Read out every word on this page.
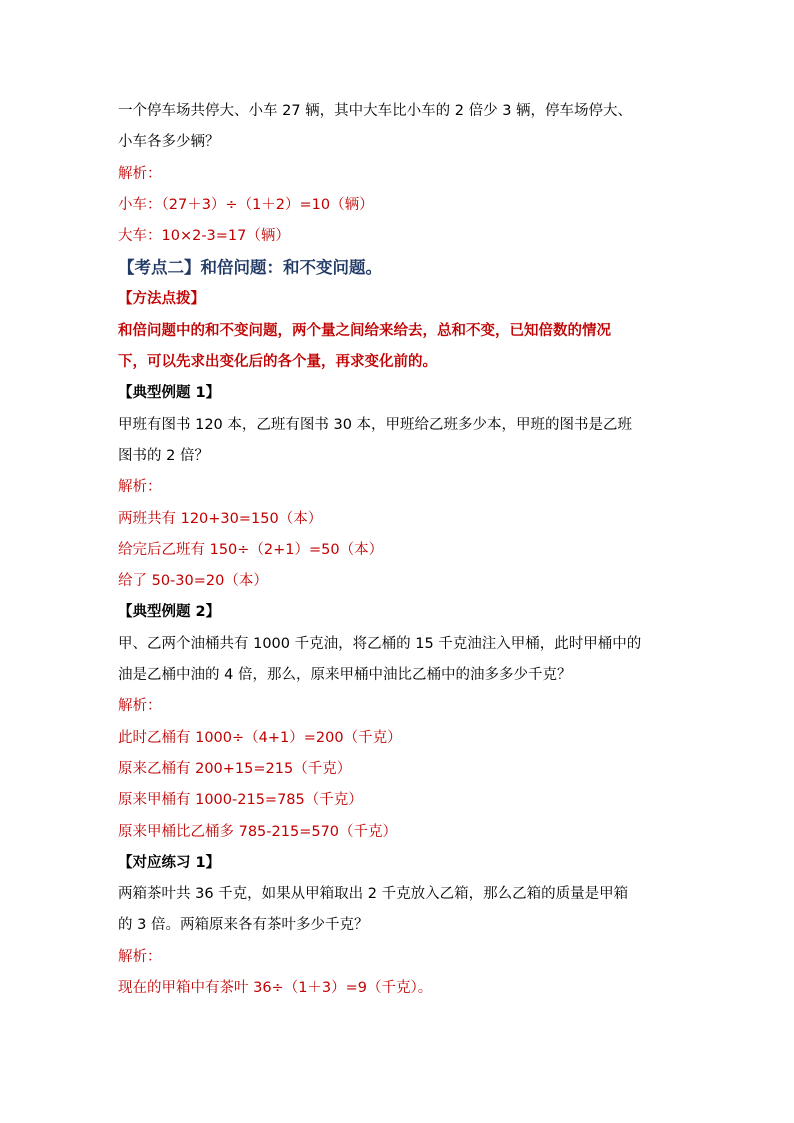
一个停车场共停大、小车 27 辆，其中大车比小车的 2 倍少 3 辆，停车场停大、
小车各多少辆？
解析：
小车：（27＋3）÷（1＋2）=10（辆）
大车：10×2-3=17（辆）
【考点二】和倍问题：和不变问题。
【方法点拨】
和倍问题中的和不变问题，两个量之间给来给去，总和不变，已知倍数的情况
下，可以先求出变化后的各个量，再求变化前的。
【典型例题 1】
甲班有图书 120 本，乙班有图书 30 本，甲班给乙班多少本，甲班的图书是乙班
图书的 2 倍？
解析：
两班共有 120+30=150（本）
给完后乙班有 150÷（2+1）=50（本）
给了 50-30=20（本）
【典型例题 2】
甲、乙两个油桶共有 1000 千克油，将乙桶的 15 千克油注入甲桶，此时甲桶中的
油是乙桶中油的 4 倍，那么，原来甲桶中油比乙桶中的油多多少千克？
解析：
此时乙桶有 1000÷（4+1）=200（千克）
原来乙桶有 200+15=215（千克）
原来甲桶有 1000-215=785（千克）
原来甲桶比乙桶多 785-215=570（千克）
【对应练习 1】
两箱茶叶共 36 千克，如果从甲箱取出 2 千克放入乙箱，那么乙箱的质量是甲箱
的 3 倍。两箱原来各有茶叶多少千克？
解析：
现在的甲箱中有茶叶 36÷（1＋3）=9（千克）。
